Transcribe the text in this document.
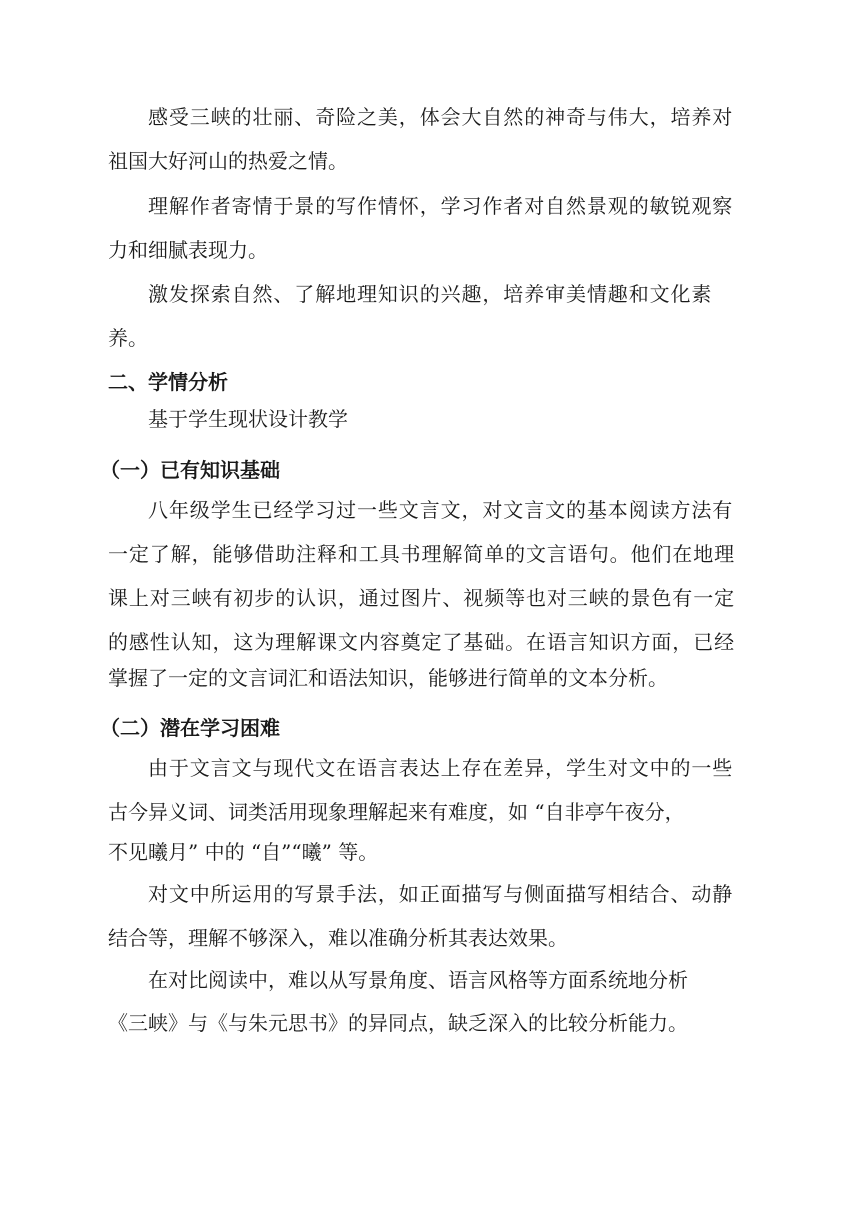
感受三峡的壮丽、奇险之美，体会大自然的神奇与伟大，培养对

祖国大好河山的热爱之情。

理解作者寄情于景的写作情怀，学习作者对自然景观的敏锐观察

力和细腻表现力。

激发探索自然、了解地理知识的兴趣，培养审美情趣和文化素

养。

二、学情分析

基于学生现状设计教学

（一）已有知识基础

八年级学生已经学习过一些文言文，对文言文的基本阅读方法有

一定了解，能够借助注释和工具书理解简单的文言语句。他们在地理

课上对三峡有初步的认识，通过图片、视频等也对三峡的景色有一定

的感性认知，这为理解课文内容奠定了基础。在语言知识方面，已经

掌握了一定的文言词汇和语法知识，能够进行简单的文本分析。

（二）潜在学习困难

由于文言文与现代文在语言表达上存在差异，学生对文中的一些

古今异义词、词类活用现象理解起来有难度，如 “自非亭午夜分，

不见曦月” 中的 “自”“曦” 等。

对文中所运用的写景手法，如正面描写与侧面描写相结合、动静

结合等，理解不够深入，难以准确分析其表达效果。

在对比阅读中，难以从写景角度、语言风格等方面系统地分析

《三峡》与《与朱元思书》的异同点，缺乏深入的比较分析能力。
